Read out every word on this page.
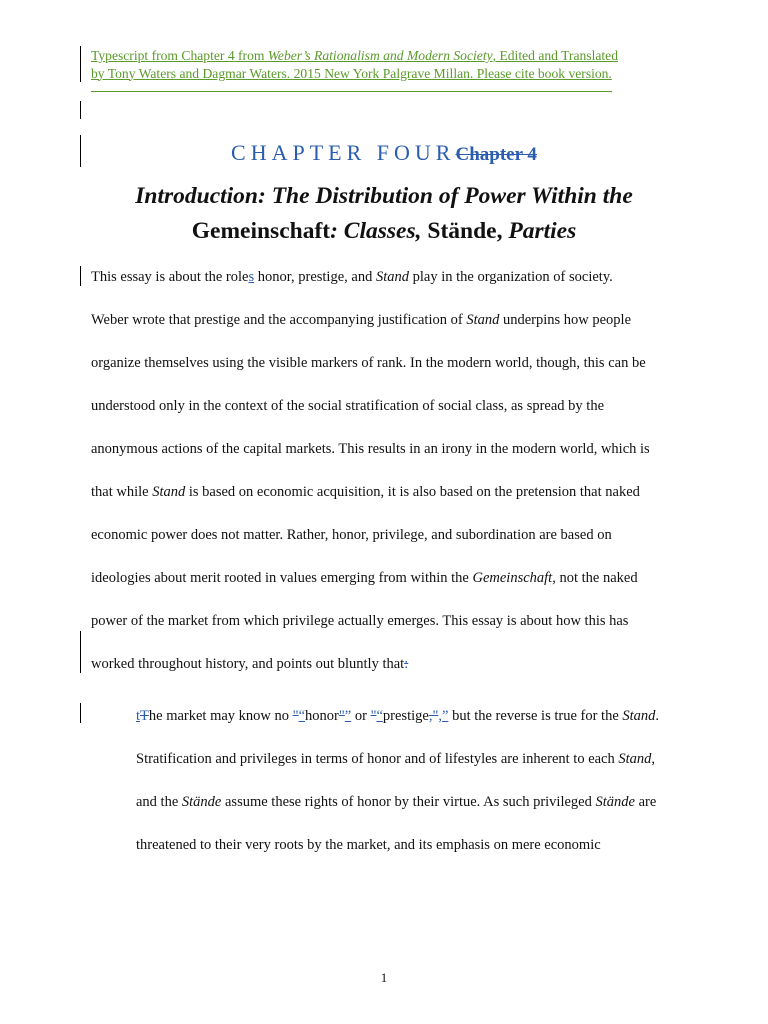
Typescript from Chapter 4 from Weber’s Rationalism and Modern Society, Edited and Translated
by Tony Waters and Dagmar Waters. 2015 New York Palgrave Millan. Please cite book version.
CHAPTER FOURChapter 4
Introduction: The Distribution of Power Within the
Gemeinschaft: Classes, Stände, Parties
This essay is about the roles honor, prestige, and Stand play in the organization of society.
Weber wrote that prestige and the accompanying justification of Stand underpins how people
organize themselves using the visible markers of rank. In the modern world, though, this can be
understood only in the context of the social stratification of social class, as spread by the
anonymous actions of the capital markets. This results in an irony in the modern world, which is
that while Stand is based on economic acquisition, it is also based on the pretension that naked
economic power does not matter. Rather, honor, privilege, and subordination are based on
ideologies about merit rooted in values emerging from within the Gemeinschaft, not the naked
power of the market from which privilege actually emerges. This essay is about how this has
worked throughout history, and points out bluntly that:
tThe market may know no "“honor"” or "“prestige,",” but the reverse is true for the Stand.
Stratification and privileges in terms of honor and of lifestyles are inherent to each Stand,
and the Stände assume these rights of honor by their virtue. As such privileged Stände are
threatened to their very roots by the market, and its emphasis on mere economic
1
